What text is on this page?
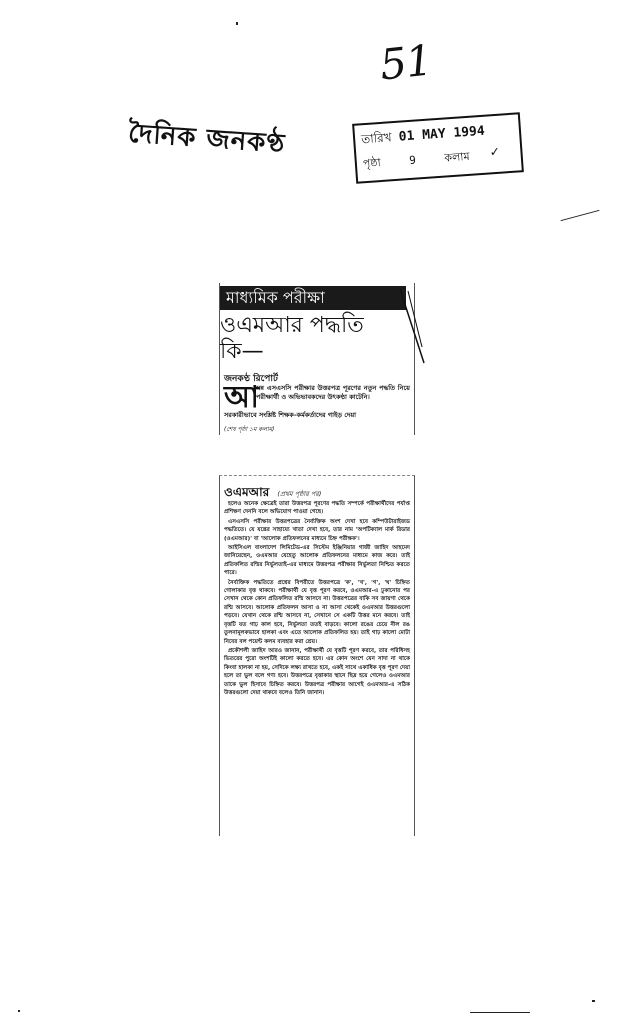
51
দৈনিক জনকণ্ঠ	তারিখ 01 MAY 1994
পৃষ্ঠা	9	কলাম ✓
মাধ্যমিক পরীক্ষা
ওএমআর পদ্ধতি
কি—
জনকণ্ঠ রিপোর্ট
আ
সন্ন এসএসসি পরীক্ষার উত্তরপত্র পূরণের নতুন পদ্ধতি নিয়ে পরীক্ষার্থী ও অভিভাবকদের উৎকণ্ঠা কাটেনি।
সরকারীভাবে সংশ্লিষ্ট শিক্ষক-কর্মকর্তাদের গাইড় দেয়া
(শেষ পৃষ্ঠা ১ম কলাম)
ওএমআর (প্রথম পৃষ্ঠার পর)

হলেও অনেক ক্ষেত্রেই তারা উত্তরপত্র পূরণের পদ্ধতি সম্পর্কে পরীক্ষার্থীদের পর্যাপ্ত প্রশিক্ষণ দেননি বলে অভিযোগ পাওয়া গেছে।

এসএসসি পরীক্ষার উত্তরপত্রের নৈর্ব্যক্তিক অংশ দেখা হবে কম্পিউটারাইজড পদ্ধতিতে। যে যন্ত্রের সাহায্যে খাতা দেখা হবে, তার নাম 'অপটিক্যাল মার্ক রিডার (ওএমআর)' বা 'আলোক প্রতিফলনের মাধ্যমে চিহ্ন পরীক্ষক'।

আইসিএল বাংলাদেশ লিমিটেড-এর সিস্টেম ইঞ্জিনিয়ার গাজী জাহিদ আহমেদ জানিয়েছেন, ওএমআর যেহেতু আলোক প্রতিফলনের মাধ্যমে কাজ করে। তাই প্রতিফলিত রশ্মির নির্ভুলতাই-এর মাধ্যমে উত্তরপত্র পরীক্ষার নির্ভুলতা নিশ্চিত করতে পারে।

নৈর্ব্যক্তিক পদ্ধতিতে প্রশ্নের বিপরীতে উত্তরপত্রে 'ক', 'খ', 'গ', 'ঘ' চিহ্নিত গোলাকার বৃত্ত থাকবে। পরীক্ষার্থী যে বৃত্ত পূরণ করবে, ওএমআর-এ ঢুকানোর পর সেখান থেকে কোন প্রতিফলিত রশ্মি আসবে না। উত্তরপত্রের বাকি সব জায়গা থেকে রশ্মি আসবে। আলোক প্রতিফলন আসা ও না আসা থেকেই ওএমআর উত্তরগুলো পড়বে। যেখান থেকে রশ্মি আসবে না, সেখানে সে একটি উত্তর মনে করবে। তাই বৃত্তটি যত গাঢ় কাল হবে, নির্ভুলতা ততই বাড়বে। কালো রঙের চেয়ে নীল রঙ তুলনামূলকভাবে হালকা এবং এতে আলোক প্রতিফলিত হয়। তাই গাঢ় কালো মোটা নিবের বল পয়েন্ট কলম ব্যবহার করা শ্রেয়।

প্রকৌশলী জাহিদ আরও জানান, পরীক্ষার্থী যে বৃত্তটি পূরণ করবে, তার পরিধিসহ ভিতরের পুরো অংশটিই কালো করতে হবে। এর কোন অংশে যেন সাদা না থাকে কিংবা হালকা না হয়, সেদিকে লক্ষ্য রাখতে হবে, একই সাথে একাধিক বৃত্ত পূরণ দেয়া হলে তা ভুল বলে গণ্য হবে। উত্তরপত্রে বৃত্তাকার স্থানে ছিদ্র হয়ে গেলেও ওএমআর তাকে ভুল হিসাবে চিহ্নিত করবে। উত্তরপত্র পরীক্ষার আগেই ওএমআর-এ সঠিক উত্তরগুলো দেয়া থাকবে বলেও তিনি জানান।
